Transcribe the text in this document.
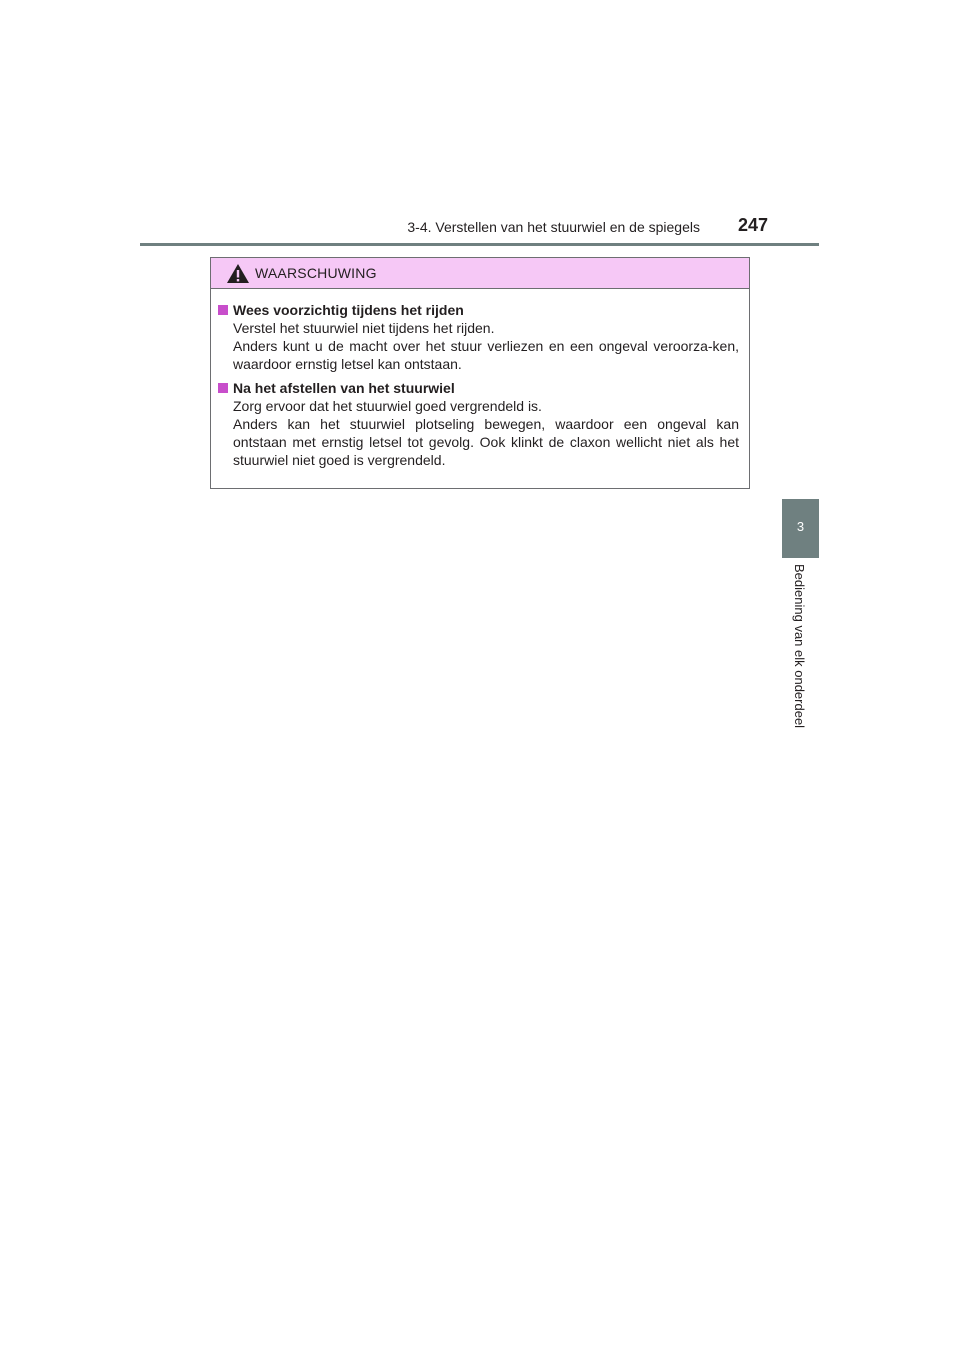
3-4. Verstellen van het stuurwiel en de spiegels 247
3
Bediening van elk onderdeel
WAARSCHUWING
Wees voorzichtig tijdens het rijden

Verstel het stuurwiel niet tijdens het rijden.

Anders kunt u de macht over het stuur verliezen en een ongeval veroorza-ken, waardoor ernstig letsel kan ontstaan.

Na het afstellen van het stuurwiel

Zorg ervoor dat het stuurwiel goed vergrendeld is.

Anders kan het stuurwiel plotseling bewegen, waardoor een ongeval kan ontstaan met ernstig letsel tot gevolg. Ook klinkt de claxon wellicht niet als het stuurwiel niet goed is vergrendeld.
